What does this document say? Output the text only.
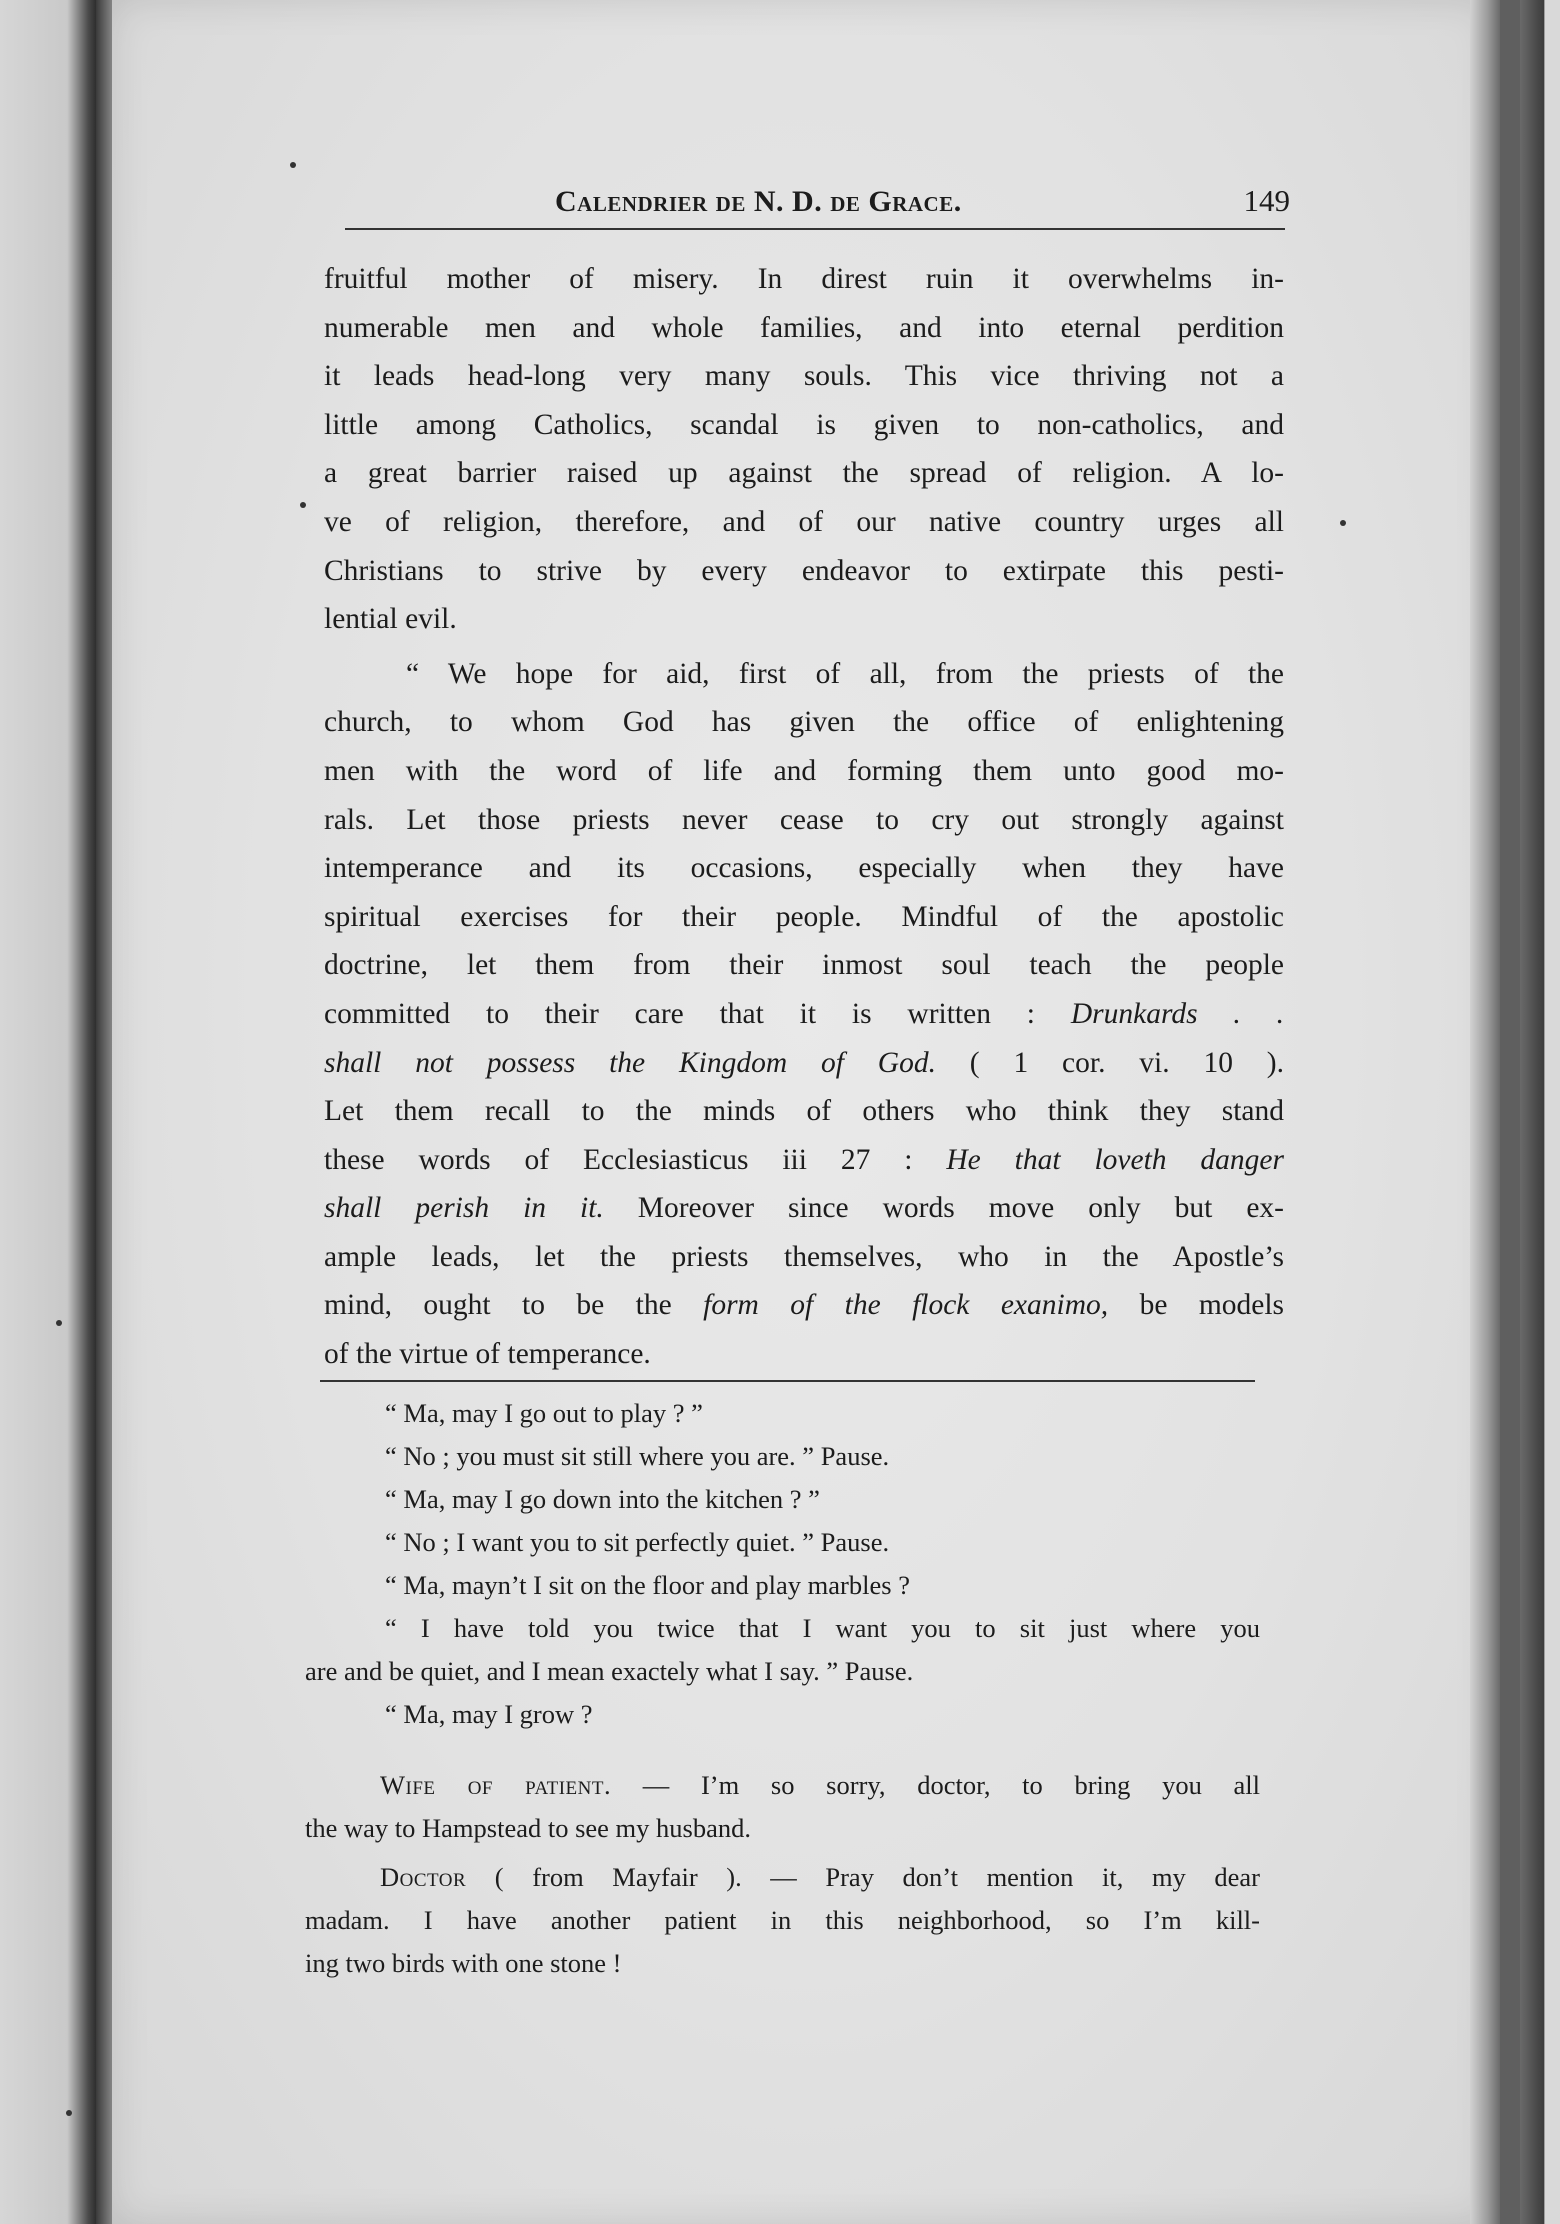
Calendrier de N. D. de Grace.	149
fruitful mother of misery. In direst ruin it overwhelms in-
numerable men and whole families, and into eternal perdition
it leads head-long very many souls. This vice thriving not a
little among Catholics, scandal is given to non-catholics, and
a great barrier raised up against the spread of religion. A lo-
ve of religion, therefore, and of our native country urges all
Christians to strive by every endeavor to extirpate this pesti-
lential evil.
“ We hope for aid, first of all, from the priests of the
church, to whom God has given the office of enlightening
men with the word of life and forming them unto good mo-
rals. Let those priests never cease to cry out strongly against
intemperance and its occasions, especially when they have
spiritual exercises for their people. Mindful of the apostolic
doctrine, let them from their inmost soul teach the people
committed to their care that it is written : Drunkards . .
shall not possess the Kingdom of God. ( 1 cor. vi. 10 ).
Let them recall to the minds of others who think they stand
these words of Ecclesiasticus iii 27 : He that loveth danger
shall perish in it. Moreover since words move only but ex-
ample leads, let the priests themselves, who in the Apostle’s
mind, ought to be the form of the flock exanimo, be models
of the virtue of temperance.
“ Ma, may I go out to play ? ”
“ No ; you must sit still where you are. ” Pause.
“ Ma, may I go down into the kitchen ? ”
“ No ; I want you to sit perfectly quiet. ” Pause.
“ Ma, mayn’t I sit on the floor and play marbles ?
“ I have told you twice that I want you to sit just where you
are and be quiet, and I mean exactely what I say. ” Pause.
“ Ma, may I grow ?
Wife of patient. — I’m so sorry, doctor, to bring you all
the way to Hampstead to see my husband.
Doctor ( from Mayfair ). — Pray don’t mention it, my dear
madam. I have another patient in this neighborhood, so I’m kill-
ing two birds with one stone !
